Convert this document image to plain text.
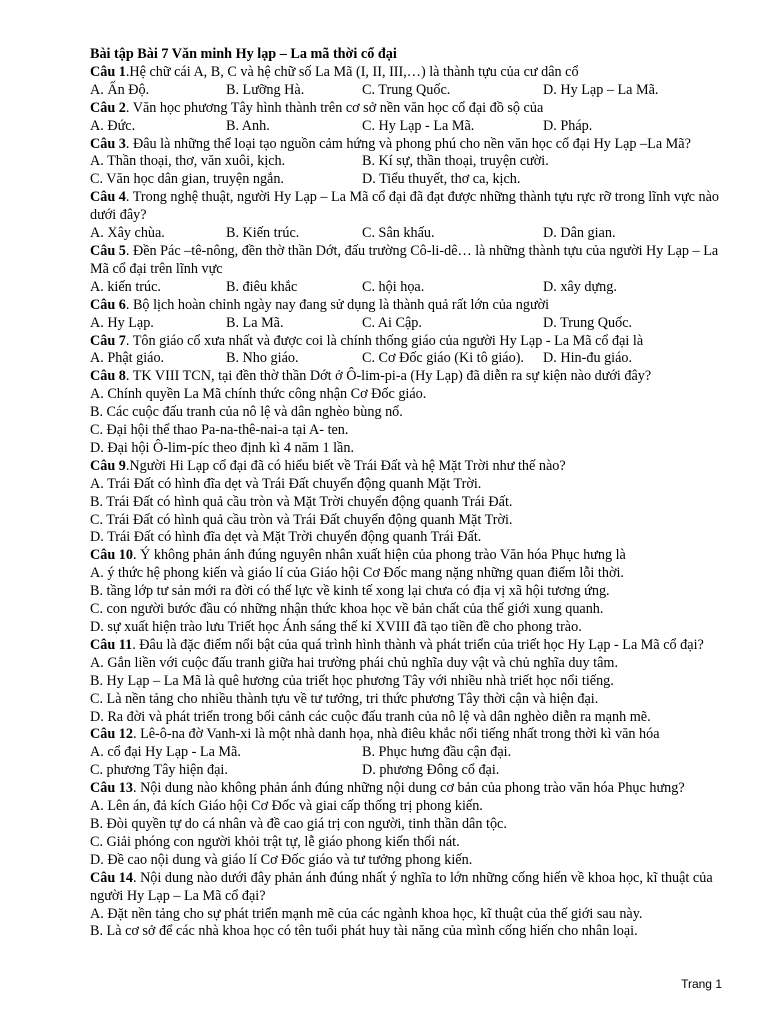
Bài tập Bài 7 Văn minh Hy lạp – La mã thời cổ đại
Câu 1.Hệ chữ cái A, B, C và hệ chữ số La Mã (I, II, III,…) là thành tựu của cư dân cổ
A. Ấn Độ.	B. Lưỡng Hà.	C. Trung Quốc.	D. Hy Lạp – La Mã.
Câu 2. Văn học phương Tây hình thành trên cơ sở nền văn học cổ đại đồ sộ của
A. Đức.	B. Anh.	C. Hy Lạp - La Mã.	D. Pháp.
Câu 3. Đâu là những thể loại tạo nguồn cảm hứng và phong phú cho nền văn học cổ đại Hy Lạp –La Mã?
A. Thần thoại, thơ, văn xuôi, kịch.	B. Kí sự, thần thoại, truyện cười.
C. Văn học dân gian, truyện ngắn.	D. Tiểu thuyết, thơ ca, kịch.
Câu 4. Trong nghệ thuật, người Hy Lạp – La Mã cổ đại đã đạt được những thành tựu rực rỡ trong lĩnh vực nào dưới đây?
A. Xây chùa.	B. Kiến trúc.	C. Sân khấu.	D. Dân gian.
Câu 5. Đền Pác –tê-nông, đền thờ thần Dớt, đấu trường Cô-li-dê… là những thành tựu của người Hy Lạp – La Mã cổ đại trên lĩnh vực
A. kiến trúc.	B. điêu khắc	C. hội họa.	D. xây dựng.
Câu 6. Bộ lịch hoàn chỉnh ngày nay đang sử dụng là thành quả rất lớn của người
A. Hy Lạp.	B. La Mã.	C. Ai Cập.	D. Trung Quốc.
Câu 7. Tôn giáo cổ xưa nhất và được coi là chính thống giáo của người Hy Lạp - La Mã cổ đại là
A. Phật giáo.	B. Nho giáo.	C. Cơ Đốc giáo (Ki tô giáo).	D. Hin-đu giáo.
Câu 8. TK VIII TCN, tại đền thờ thần Dớt ở Ô-lim-pi-a (Hy Lạp) đã diễn ra sự kiện nào dưới đây?
A. Chính quyền La Mã chính thức công nhận Cơ Đốc giáo.
B. Các cuộc đấu tranh của nô lệ và dân nghèo bùng nổ.
C. Đại hội thể thao Pa-na-thê-nai-a tại A- ten.
D. Đại hội Ô-lim-píc theo định kì 4 năm 1 lần.
Câu 9.Người Hi Lạp cổ đại đã có hiểu biết về Trái Đất và hệ Mặt Trời như thế nào?
A. Trái Đất có hình đĩa dẹt và Trái Đất chuyển động quanh Mặt Trời.
B. Trái Đất có hình quả cầu tròn và Mặt Trời chuyển động quanh Trái Đất.
C. Trái Đất có hình quả cầu tròn và Trái Đất chuyển động quanh Mặt Trời.
D. Trái Đất có hình đĩa dẹt và Mặt Trời chuyển động quanh Trái Đất.
Câu 10. Ý không phản ánh đúng nguyên nhân xuất hiện của phong trào Văn hóa Phục hưng là
A. ý thức hệ phong kiến và giáo lí của Giáo hội Cơ Đốc mang nặng những quan điểm lỗi thời.
B. tầng lớp tư sản mới ra đời có thế lực về kinh tế xong lại chưa có địa vị xã hội tương ứng.
C. con người bước đầu có những nhận thức khoa học về bản chất của thế giới xung quanh.
D. sự xuất hiện trào lưu Triết học Ánh sáng thế kỉ XVIII đã tạo tiền đề cho phong trào.
Câu 11. Đâu là đặc điểm nổi bật của quá trình hình thành và phát triển của triết học Hy Lạp - La Mã cổ đại?
A. Gắn liền với cuộc đấu tranh giữa hai trường phái chủ nghĩa duy vật và chủ nghĩa duy tâm.
B. Hy Lạp – La Mã là quê hương của triết học phương Tây với nhiều nhà triết học nổi tiếng.
C. Là nền tảng cho nhiều thành tựu về tư tưởng, tri thức phương Tây thời cận và hiện đại.
D. Ra đời và phát triển trong bối cảnh các cuộc đấu tranh của nô lệ và dân nghèo diễn ra mạnh mẽ.
Câu 12. Lê-ô-na đờ Vanh-xi là một nhà danh họa, nhà điêu khắc nổi tiếng nhất trong thời kì văn hóa
A. cổ đại Hy Lạp - La Mã.	B. Phục hưng đầu cận đại.
C. phương Tây hiện đại.	D. phương Đông cổ đại.
Câu 13. Nội dung nào không phản ánh đúng những nội dung cơ bản của phong trào văn hóa Phục hưng?
A. Lên án, đả kích Giáo hội Cơ Đốc và giai cấp thống trị phong kiến.
B. Đòi quyền tự do cá nhân và đề cao giá trị con người, tinh thần dân tộc.
C. Giải phóng con người khỏi trật tự, lễ giáo phong kiến thối nát.
D. Đề cao nội dung và giáo lí Cơ Đốc giáo và tư tưởng phong kiến.
Câu 14. Nội dung nào dưới đây phản ánh đúng nhất ý nghĩa to lớn những cống hiến về khoa học, kĩ thuật của người Hy Lạp – La Mã cổ đại?
A. Đặt nền tảng cho sự phát triển mạnh mẽ của các ngành khoa học, kĩ thuật của thế giới sau này.
B. Là cơ sở để các nhà khoa học có tên tuổi phát huy tài năng của mình cống hiến cho nhân loại.
Trang 1
